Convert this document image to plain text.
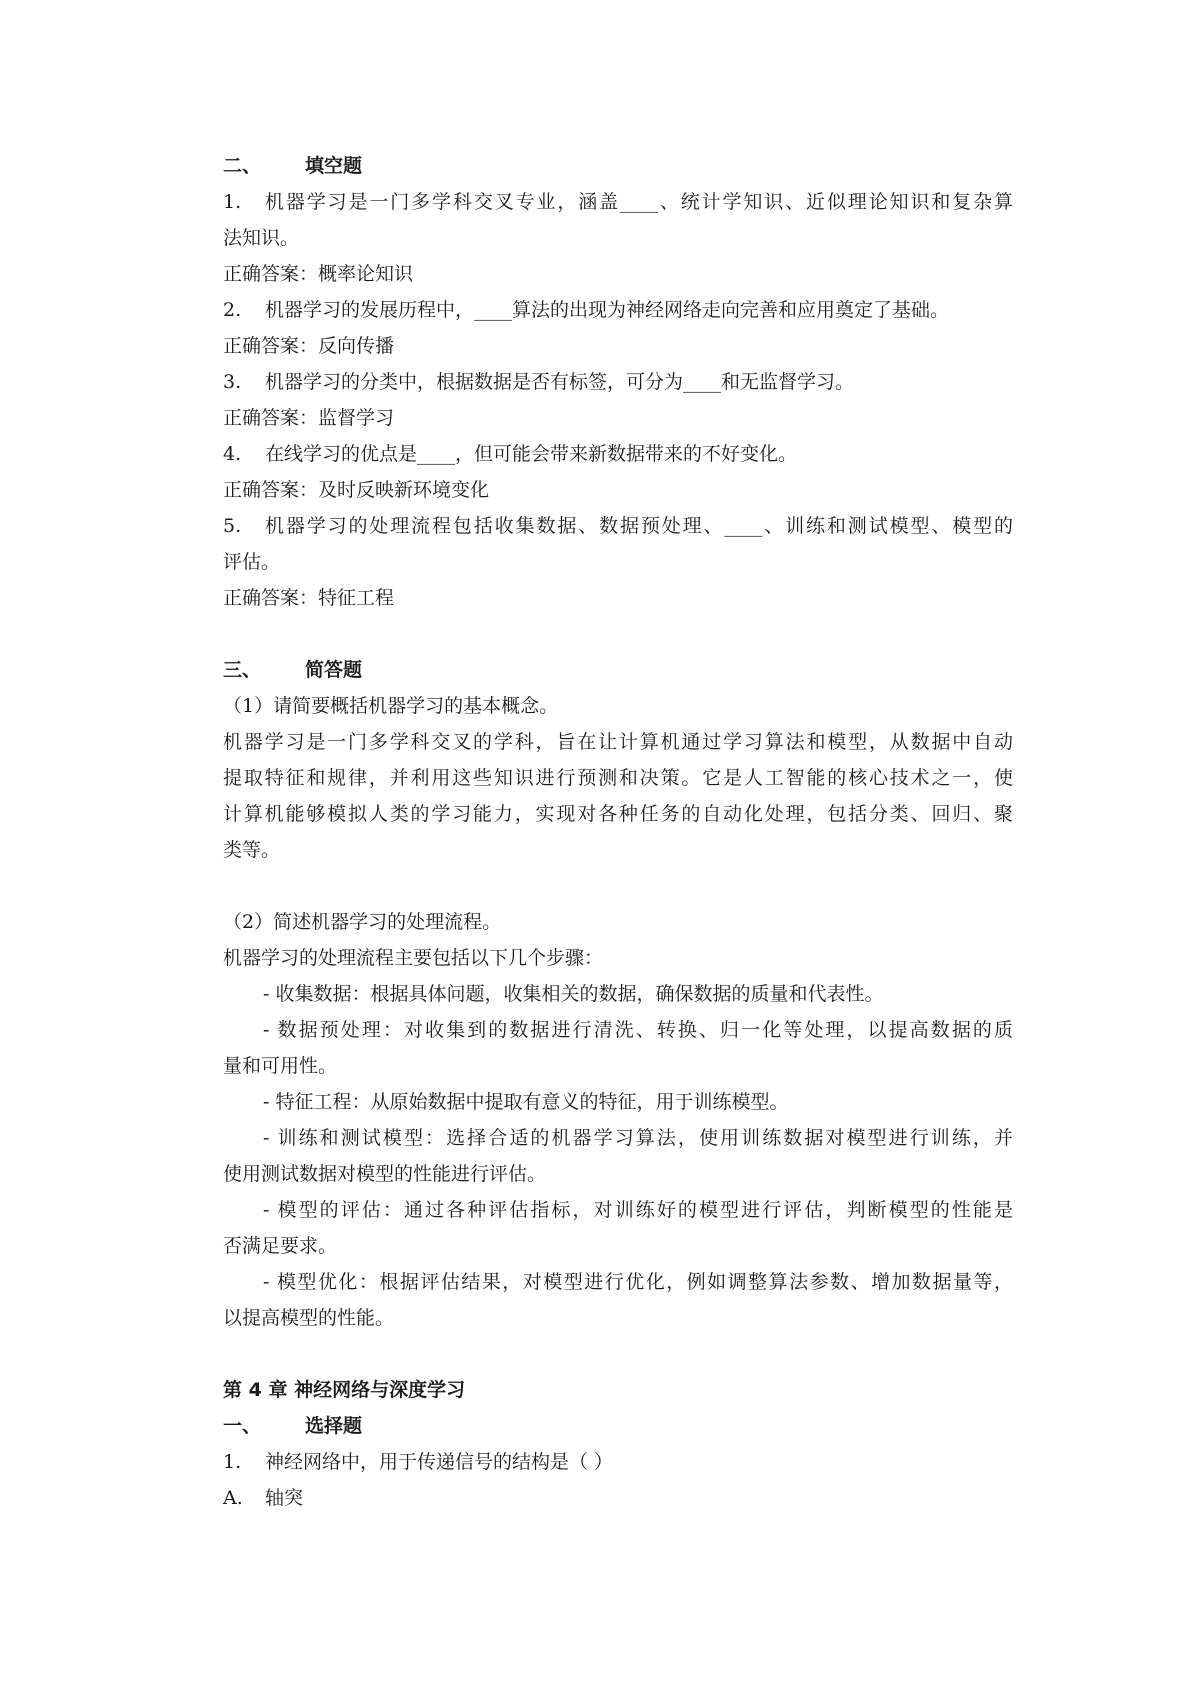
二、	填空题
1.	机器学习是一门多学科交叉专业，涵盖____、统计学知识、近似理论知识和复杂算
法知识。
正确答案：概率论知识
2.	机器学习的发展历程中，____算法的出现为神经网络走向完善和应用奠定了基础。
正确答案：反向传播
3.	机器学习的分类中，根据数据是否有标签，可分为____和无监督学习。
正确答案：监督学习
4.	在线学习的优点是____，但可能会带来新数据带来的不好变化。
正确答案：及时反映新环境变化
5.	机器学习的处理流程包括收集数据、数据预处理、____、训练和测试模型、模型的
评估。
正确答案：特征工程
三、	简答题
（1）请简要概括机器学习的基本概念。
机器学习是一门多学科交叉的学科，旨在让计算机通过学习算法和模型，从数据中自动
提取特征和规律，并利用这些知识进行预测和决策。它是人工智能的核心技术之一，使
计算机能够模拟人类的学习能力，实现对各种任务的自动化处理，包括分类、回归、聚
类等。
（2）简述机器学习的处理流程。
机器学习的处理流程主要包括以下几个步骤：
- 收集数据：根据具体问题，收集相关的数据，确保数据的质量和代表性。
- 数据预处理：对收集到的数据进行清洗、转换、归一化等处理，以提高数据的质
量和可用性。
- 特征工程：从原始数据中提取有意义的特征，用于训练模型。
- 训练和测试模型：选择合适的机器学习算法，使用训练数据对模型进行训练，并
使用测试数据对模型的性能进行评估。
- 模型的评估：通过各种评估指标，对训练好的模型进行评估，判断模型的性能是
否满足要求。
- 模型优化：根据评估结果，对模型进行优化，例如调整算法参数、增加数据量等，
以提高模型的性能。
第 4 章 神经网络与深度学习
一、	选择题
1.	神经网络中，用于传递信号的结构是（ ）
A.	轴突
